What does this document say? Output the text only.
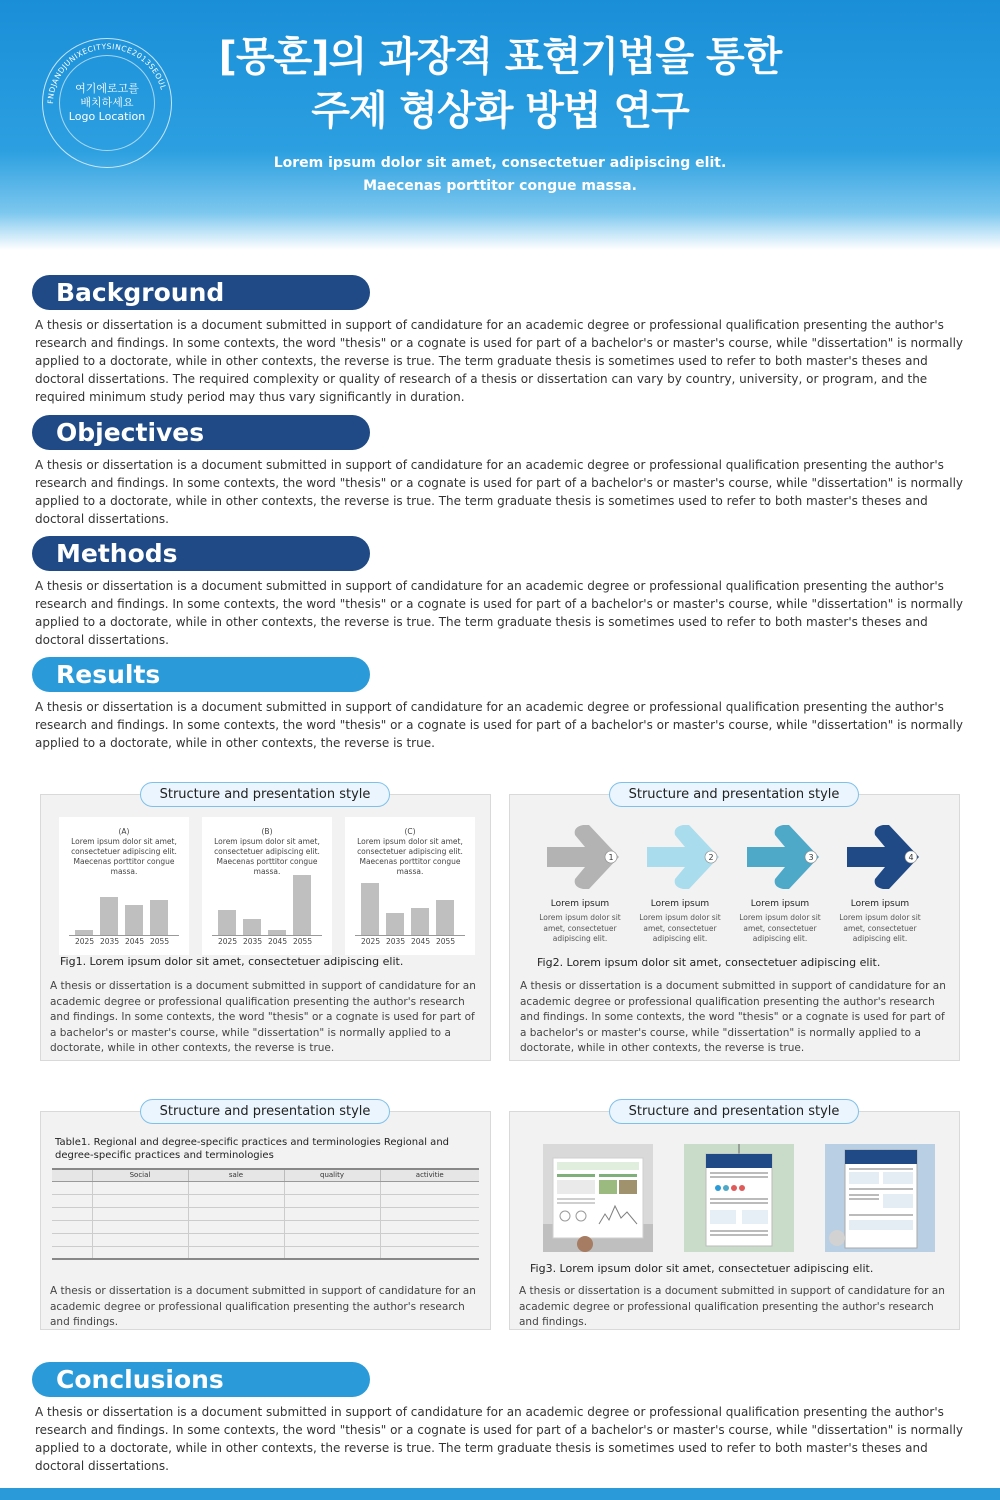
FNDJANDJUNIXECITYSINCE2013SEOUL
여기에로고를
배치하세요
Logo Location
[몽혼]의 과장적 표현기법을 통한
주제 형상화 방법 연구
Lorem ipsum dolor sit amet, consectetuer adipiscing elit.
Maecenas porttitor congue massa.
Background
A thesis or dissertation is a document submitted in support of candidature for an academic degree or professional qualification presenting the author's research and findings. In some contexts, the word "thesis" or a cognate is used for part of a bachelor's or master's course, while "dissertation" is normally applied to a doctorate, while in other contexts, the reverse is true. The term graduate thesis is sometimes used to refer to both master's theses and doctoral dissertations. The required complexity or quality of research of a thesis or dissertation can vary by country, university, or program, and the required minimum study period may thus vary significantly in duration.
Objectives
A thesis or dissertation is a document submitted in support of candidature for an academic degree or professional qualification presenting the author's research and findings. In some contexts, the word "thesis" or a cognate is used for part of a bachelor's or master's course, while "dissertation" is normally applied to a doctorate, while in other contexts, the reverse is true. The term graduate thesis is sometimes used to refer to both master's theses and doctoral dissertations.
Methods
A thesis or dissertation is a document submitted in support of candidature for an academic degree or professional qualification presenting the author's research and findings. In some contexts, the word "thesis" or a cognate is used for part of a bachelor's or master's course, while "dissertation" is normally applied to a doctorate, while in other contexts, the reverse is true. The term graduate thesis is sometimes used to refer to both master's theses and doctoral dissertations.
Results
A thesis or dissertation is a document submitted in support of candidature for an academic degree or professional qualification presenting the author's research and findings. In some contexts, the word "thesis" or a cognate is used for part of a bachelor's or master's course, while "dissertation" is normally applied to a doctorate, while in other contexts, the reverse is true.
(A)
Lorem ipsum dolor sit amet, consectetuer adipiscing elit. Maecenas porttitor congue massa.
2025 2035 2045 2055
(B)
Lorem ipsum dolor sit amet, consectetuer adipiscing elit. Maecenas porttitor congue massa.
2025 2035 2045 2055
(C)
Lorem ipsum dolor sit amet, consectetuer adipiscing elit. Maecenas porttitor congue massa.
2025 2035 2045 2055
Fig1. Lorem ipsum dolor sit amet, consectetuer adipiscing elit.
A thesis or dissertation is a document submitted in support of candidature for an academic degree or professional qualification presenting the author's research and findings. In some contexts, the word "thesis" or a cognate is used for part of a bachelor's or master's course, while "dissertation" is normally applied to a doctorate, while in other contexts, the reverse is true.
Structure and presentation style
1
Lorem ipsum
Lorem ipsum dolor sit amet, consectetuer adipiscing elit.
2
Lorem ipsum
Lorem ipsum dolor sit amet, consectetuer adipiscing elit.
3
Lorem ipsum
Lorem ipsum dolor sit amet, consectetuer adipiscing elit.
4
Lorem ipsum
Lorem ipsum dolor sit amet, consectetuer adipiscing elit.
Fig2. Lorem ipsum dolor sit amet, consectetuer adipiscing elit.
A thesis or dissertation is a document submitted in support of candidature for an academic degree or professional qualification presenting the author's research and findings. In some contexts, the word "thesis" or a cognate is used for part of a bachelor's or master's course, while "dissertation" is normally applied to a doctorate, while in other contexts, the reverse is true.
Structure and presentation style
Table1. Regional and degree-specific practices and terminologies Regional and degree-specific practices and terminologies
	Social	sale	quality	activitie

A thesis or dissertation is a document submitted in support of candidature for an academic degree or professional qualification presenting the author's research and findings.
Structure and presentation style
Fig3. Lorem ipsum dolor sit amet, consectetuer adipiscing elit.
A thesis or dissertation is a document submitted in support of candidature for an academic degree or professional qualification presenting the author's research and findings.
Structure and presentation style
Conclusions
A thesis or dissertation is a document submitted in support of candidature for an academic degree or professional qualification presenting the author's research and findings. In some contexts, the word "thesis" or a cognate is used for part of a bachelor's or master's course, while "dissertation" is normally applied to a doctorate, while in other contexts, the reverse is true. The term graduate thesis is sometimes used to refer to both master's theses and doctoral dissertations.
